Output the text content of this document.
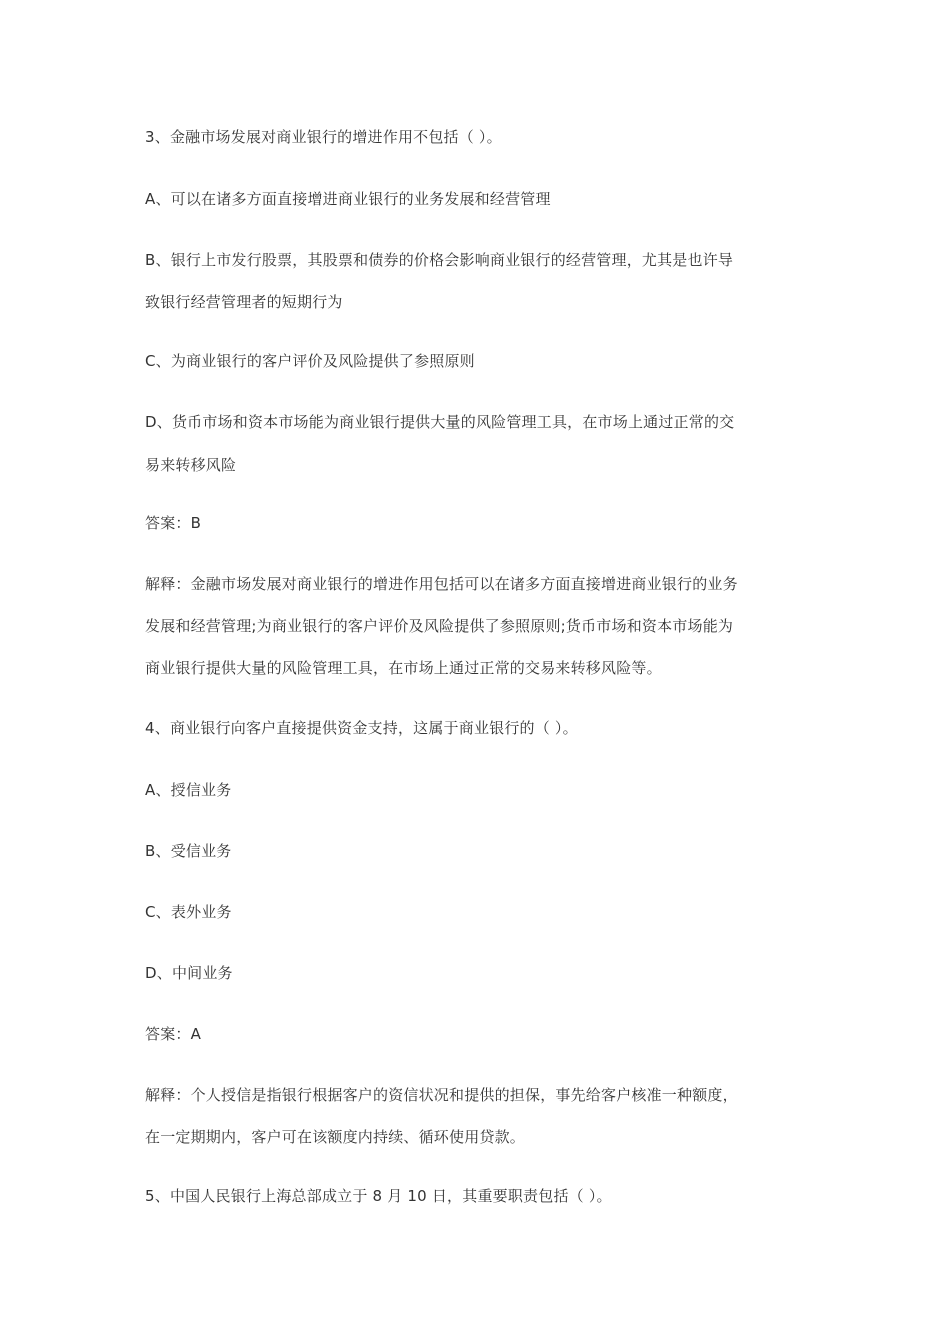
3、金融市场发展对商业银行的增进作用不包括（ ）。
A、可以在诸多方面直接增进商业银行的业务发展和经营管理
B、银行上市发行股票，其股票和债券的价格会影响商业银行的经营管理，尤其是也许导
致银行经营管理者的短期行为
C、为商业银行的客户评价及风险提供了参照原则
D、货币市场和资本市场能为商业银行提供大量的风险管理工具，在市场上通过正常的交
易来转移风险
答案：B
解释：金融市场发展对商业银行的增进作用包括可以在诸多方面直接增进商业银行的业务
发展和经营管理;为商业银行的客户评价及风险提供了参照原则;货币市场和资本市场能为
商业银行提供大量的风险管理工具，在市场上通过正常的交易来转移风险等。
4、商业银行向客户直接提供资金支持，这属于商业银行的（ ）。
A、授信业务
B、受信业务
C、表外业务
D、中间业务
答案：A
解释：个人授信是指银行根据客户的资信状况和提供的担保，事先给客户核准一种额度，
在一定期期内，客户可在该额度内持续、循环使用贷款。
5、中国人民银行上海总部成立于 8 月 10 日，其重要职责包括（ ）。
